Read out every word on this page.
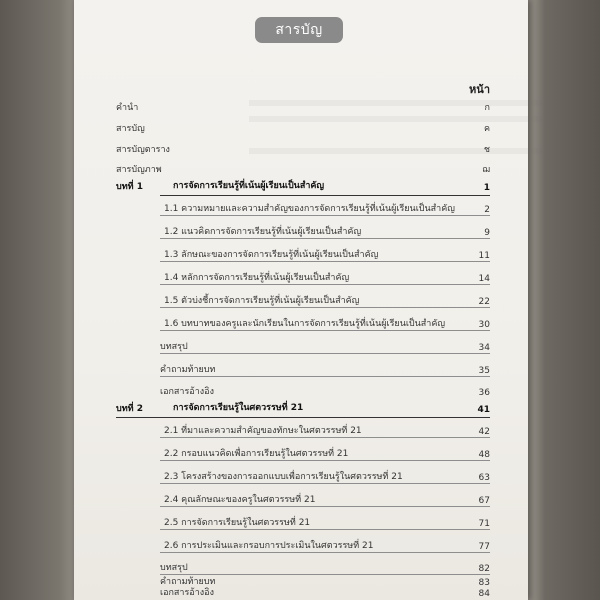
สารบัญ
หน้า
คำนำ	ก
สารบัญ	ค
สารบัญตาราง	ช
สารบัญภาพ	ฌ
บทที่ 1	การจัดการเรียนรู้ที่เน้นผู้เรียนเป็นสำคัญ	1
1.1 ความหมายและความสำคัญของการจัดการเรียนรู้ที่เน้นผู้เรียนเป็นสำคัญ	2
1.2 แนวคิดการจัดการเรียนรู้ที่เน้นผู้เรียนเป็นสำคัญ	9
1.3 ลักษณะของการจัดการเรียนรู้ที่เน้นผู้เรียนเป็นสำคัญ	11
1.4 หลักการจัดการเรียนรู้ที่เน้นผู้เรียนเป็นสำคัญ	14
1.5 ตัวบ่งชี้การจัดการเรียนรู้ที่เน้นผู้เรียนเป็นสำคัญ	22
1.6 บทบาทของครูและนักเรียนในการจัดการเรียนรู้ที่เน้นผู้เรียนเป็นสำคัญ	30
บทสรุป	34
คำถามท้ายบท	35
เอกสารอ้างอิง	36
บทที่ 2	การจัดการเรียนรู้ในศตวรรษที่ 21	41
2.1 ที่มาและความสำคัญของทักษะในศตวรรษที่ 21	42
2.2 กรอบแนวคิดเพื่อการเรียนรู้ในศตวรรษที่ 21	48
2.3 โครงสร้างของการออกแบบเพื่อการเรียนรู้ในศตวรรษที่ 21	63
2.4 คุณลักษณะของครูในศตวรรษที่ 21	67
2.5 การจัดการเรียนรู้ในศตวรรษที่ 21	71
2.6 การประเมินและกรอบการประเมินในศตวรรษที่ 21	77
บทสรุป	82
คำถามท้ายบท	83
เอกสารอ้างอิง	84
